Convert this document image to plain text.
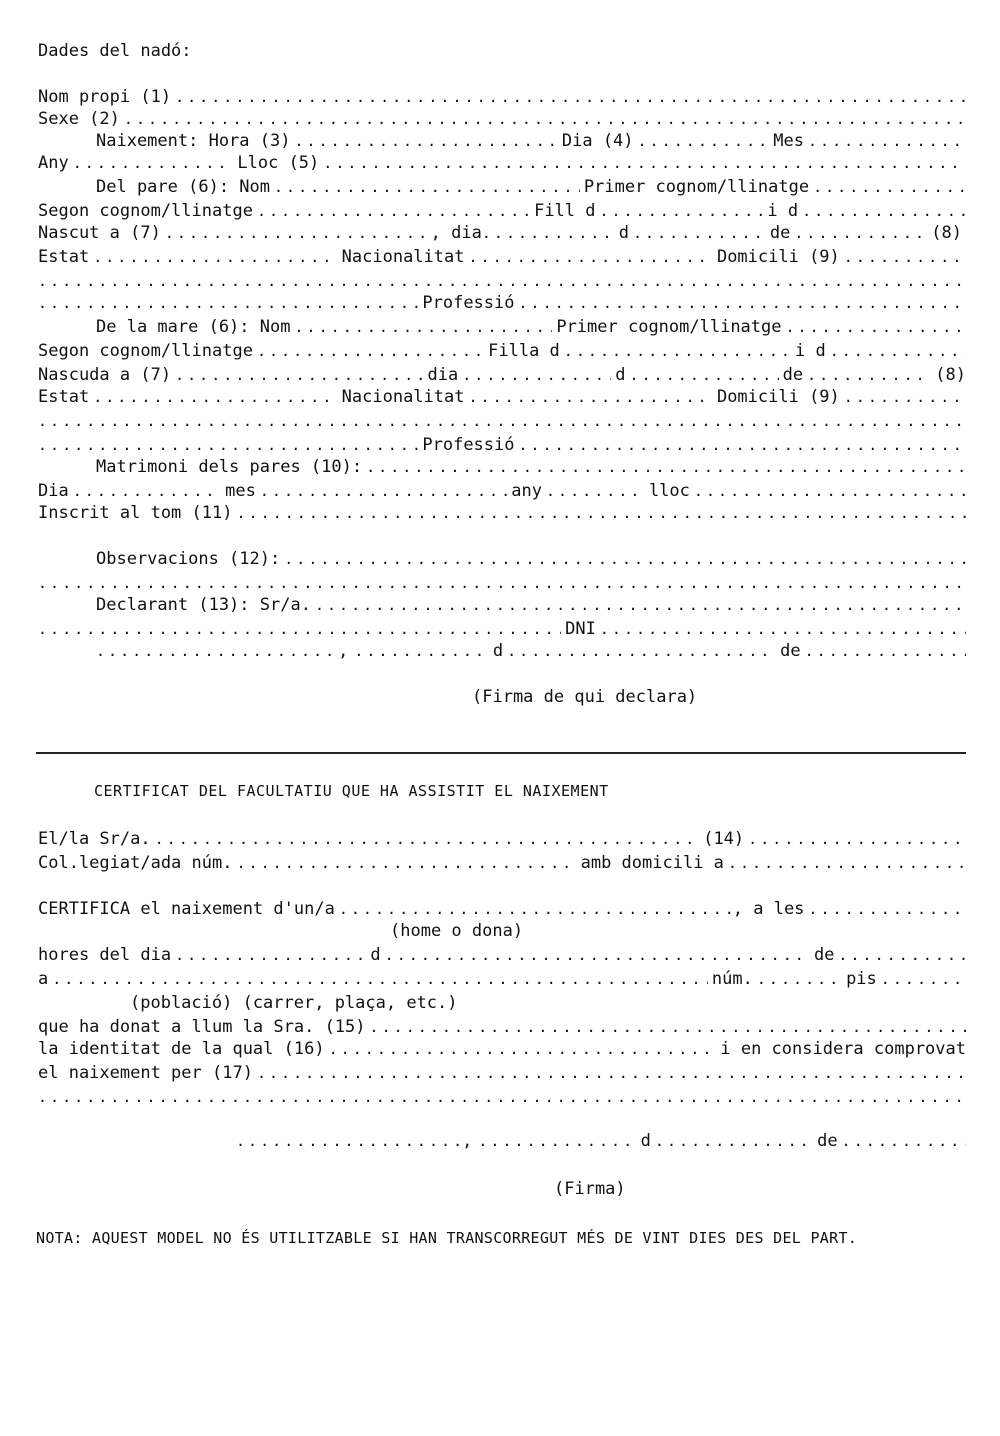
Dades del nadó:
Nom propi (1)
. . .
Sexe (2)
. . .
Naixement: Hora (3) . . .	Dia (4) . . .	Mes
. . .
Any . . .	Lloc (5)
. . .
Del pare (6): Nom . . .	Primer cognom/llinatge
. . .
Segon cognom/llinatge . . .	Fill d . . .	i d
. . .
Nascut a (7) . . .	, dia . . .	d . . .	de . . .	(8)
Estat . . .	Nacionalitat . . .	Domicili (9)
. . .
. . .
. . .
Professió
. . .
De la mare (6): Nom . . .	Primer cognom/llinatge
. . .
Segon cognom/llinatge . . .	Filla d . . .	i d
. . .
Nascuda a (7) . . .	dia . . .	d . . .	de . . .	(8)
Estat . . .	Nacionalitat . . .	Domicili (9)
. . .
. . .
. . .
Professió
. . .
Matrimoni dels pares (10):
. . .
Dia . . .	mes . . .	any . . .	lloc
. . .
Inscrit al tom (11)
. . .
Observacions (12):
. . .
. . .
Declarant (13): Sr/a.
. . .
. . .
DNI
. . .
. . .
, . . .	d . . .	de
. . .
(Firma de qui declara)
CERTIFICAT DEL FACULTATIU QUE HA ASSISTIT EL NAIXEMENT
El/la Sr/a. . . .	(14)
. . .
Col.legiat/ada núm. . . .	amb domicili a
. . .
CERTIFICA el naixement d'un/a . . .	, a les
. . .
(home o dona)
hores del dia . . .	d . . .	de
. . .
a . . .	núm. . . .	pis
. . .
(població) (carrer, plaça, etc.)
que ha donat a llum la Sra. (15)
. . .
la identitat de la qual (16) . . .	i en considera comprovat
el naixement per (17)
. . .
. . .
. . .
, . . .	d . . .	de
. . .
(Firma)
NOTA: AQUEST MODEL NO ÉS UTILITZABLE SI HAN TRANSCORREGUT MÉS DE VINT DIES DES DEL PART.
